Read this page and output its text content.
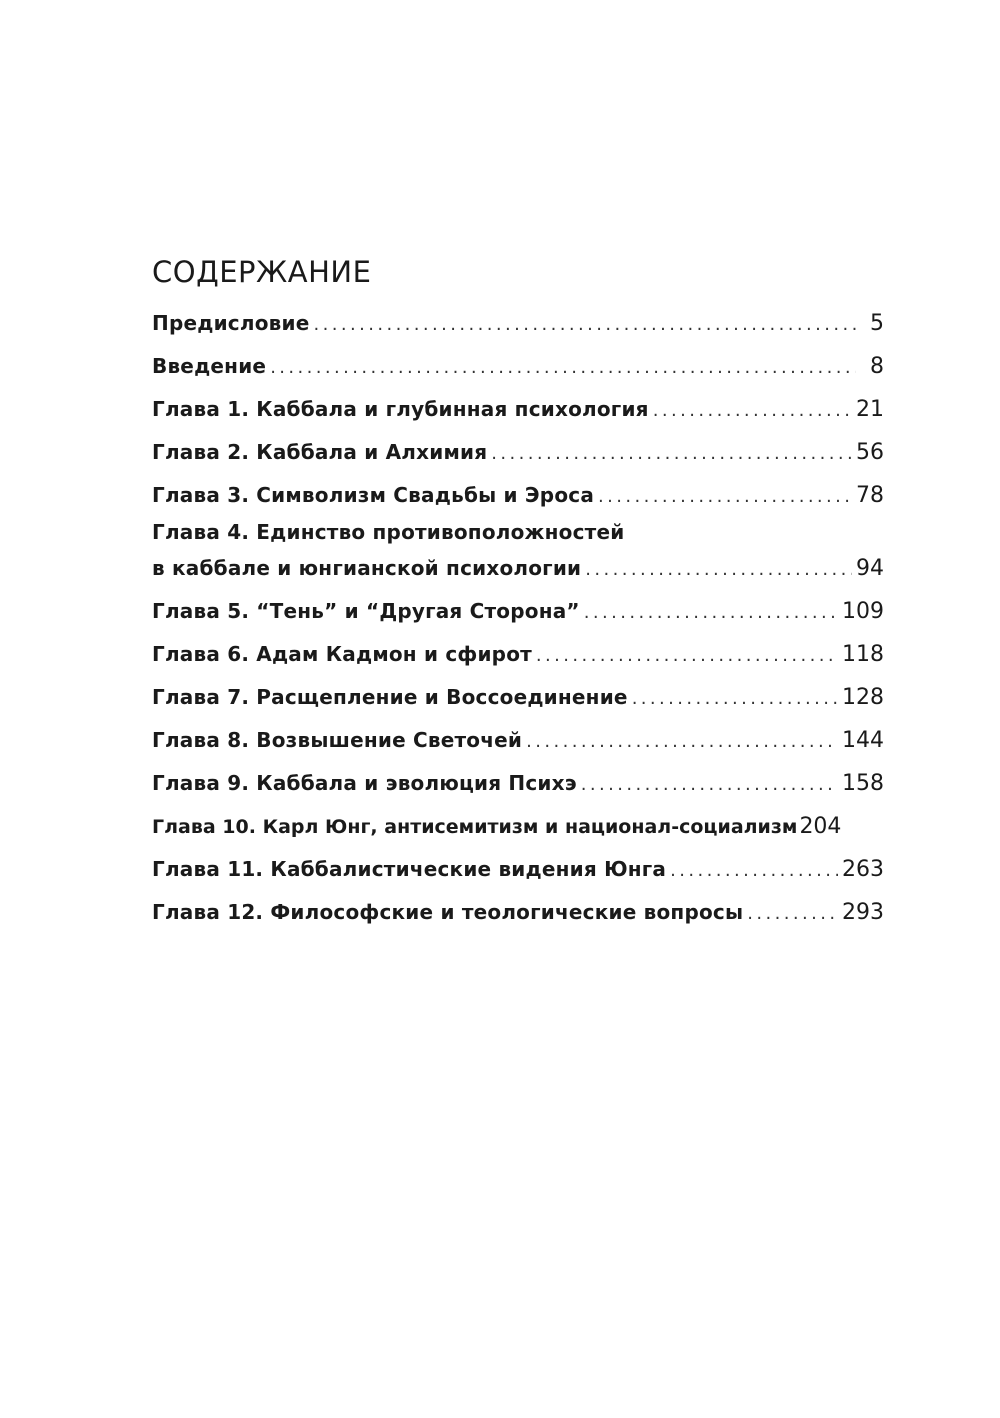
СОДЕРЖАНИЕ
Предисловие .....	5
Введение .....	8
Глава 1. Каббала и глубинная психология .....	21
Глава 2. Каббала и Алхимия .....	56
Глава 3. Символизм Свадьбы и Эроса .....	78
Глава 4. Единство противоположностей
в каббале и юнгианской психологии .....	94
Глава 5. “Тень” и “Другая Сторона” .....	109
Глава 6. Адам Кадмон и сфирот .....	118
Глава 7. Расщепление и Воссоединение .....	128
Глава 8. Возвышение Светочей .....	144
Глава 9. Каббала и эволюция Психэ .....	158
Глава 10. Карл Юнг, антисемитизм и национал-социализм 204
Глава 11. Каббалистические видения Юнга .....	263
Глава 12. Философские и теологические вопросы .....	293
